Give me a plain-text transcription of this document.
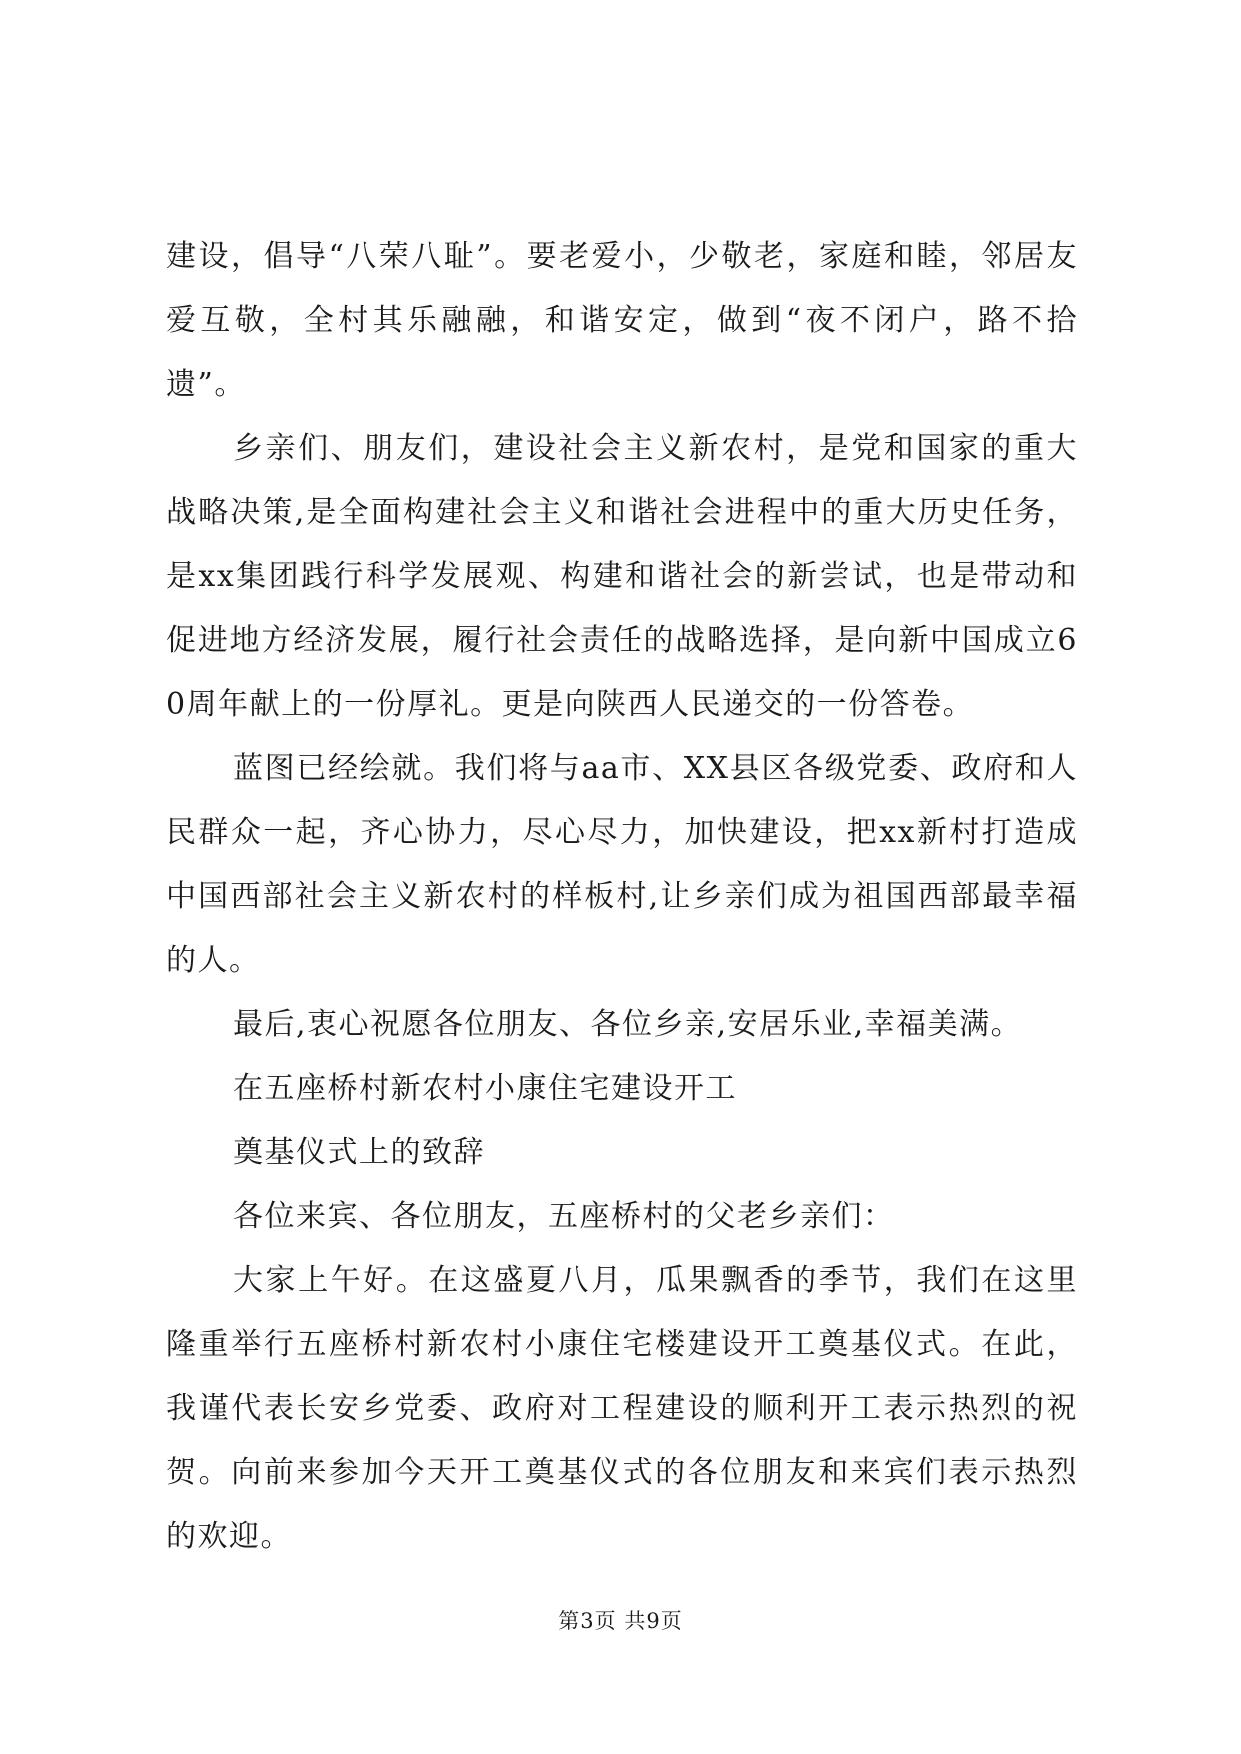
建设，倡导“八荣八耻”。要老爱小，少敬老，家庭和睦，邻居友爱互敬，全村其乐融融，和谐安定，做到“夜不闭户，路不拾遗”。

乡亲们、朋友们，建设社会主义新农村，是党和国家的重大战略决策,是全面构建社会主义和谐社会进程中的重大历史任务，是xx集团践行科学发展观、构建和谐社会的新尝试，也是带动和促进地方经济发展，履行社会责任的战略选择，是向新中国成立60周年献上的一份厚礼。更是向陕西人民递交的一份答卷。

蓝图已经绘就。我们将与aa市、XX县区各级党委、政府和人民群众一起，齐心协力，尽心尽力，加快建设，把xx新村打造成中国西部社会主义新农村的样板村,让乡亲们成为祖国西部最幸福的人。

最后,衷心祝愿各位朋友、各位乡亲,安居乐业,幸福美满。

在五座桥村新农村小康住宅建设开工

奠基仪式上的致辞

各位来宾、各位朋友，五座桥村的父老乡亲们：

大家上午好。在这盛夏八月，瓜果飘香的季节，我们在这里隆重举行五座桥村新农村小康住宅楼建设开工奠基仪式。在此，我谨代表长安乡党委、政府对工程建设的顺利开工表示热烈的祝贺。向前来参加今天开工奠基仪式的各位朋友和来宾们表示热烈的欢迎。

第3页 共9页
